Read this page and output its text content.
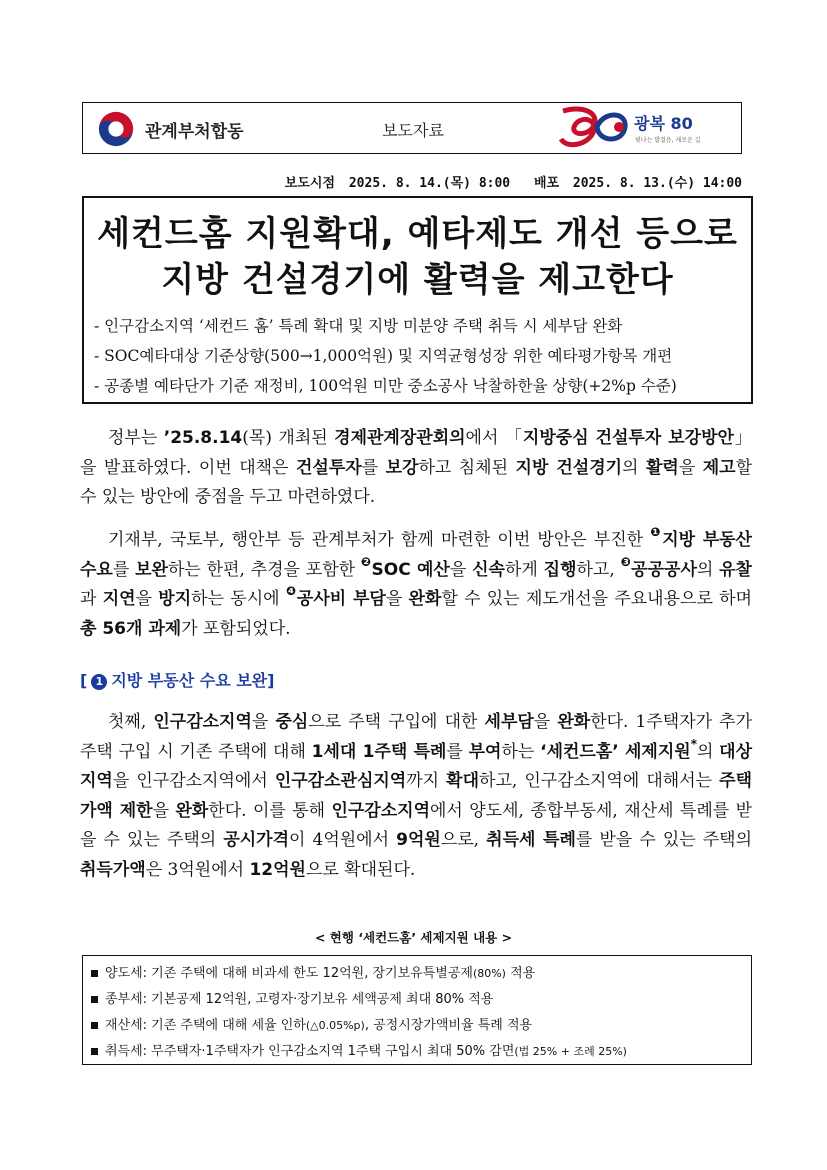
관계부처합동	보도자료	광복 80
빛나는 발걸음, 새로운 길
보도시점 2025. 8. 14.(목) 8:00 배포 2025. 8. 13.(수) 14:00
세컨드홈 지원확대, 예타제도 개선 등으로
지방 건설경기에 활력을 제고한다
- 인구감소지역 ‘세컨드 홈’ 특례 확대 및 지방 미분양 주택 취득 시 세부담 완화
- SOC예타대상 기준상향(500→1,000억원) 및 지역균형성장 위한 예타평가항목 개편
- 공종별 예타단가 기준 재정비, 100억원 미만 중소공사 낙찰하한율 상향(+2%p 수준)
정부는 ’25.8.14(목) 개최된 경제관계장관회의에서 「지방중심 건설투자 보강방안」을 발표하였다. 이번 대책은 건설투자를 보강하고 침체된 지방 건설경기의 활력을 제고할 수 있는 방안에 중점을 두고 마련하였다.
기재부, 국토부, 행안부 등 관계부처가 함께 마련한 이번 방안은 부진한 $^❶$지방 부동산 수요를 보완하는 한편, 추경을 포함한 $^❷$SOC 예산을 신속하게 집행하고, $^❸$공공공사의 유찰과 지연을 방지하는 동시에 $^❹$공사비 부담을 완화할 수 있는 제도개선을 주요내용으로 하며 총 56개 과제가 포함되었다.
[ 1 지방 부동산 수요 보완]
첫째, 인구감소지역을 중심으로 주택 구입에 대한 세부담을 완화한다. 1주택자가 추가 주택 구입 시 기존 주택에 대해 1세대 1주택 특례를 부여하는 ‘세컨드홈’ 세제지원*의 대상 지역을 인구감소지역에서 인구감소관심지역까지 확대하고, 인구감소지역에 대해서는 주택 가액 제한을 완화한다. 이를 통해 인구감소지역에서 양도세, 종합부동세, 재산세 특례를 받을 수 있는 주택의 공시가격이 4억원에서 9억원으로, 취득세 특례를 받을 수 있는 주택의 취득가액은 3억원에서 12억원으로 확대된다.
< 현행 ‘세컨드홈’ 세제지원 내용 >
양도세: 기존 주택에 대해 비과세 한도 12억원, 장기보유특별공제(80%) 적용
종부세: 기본공제 12억원, 고령자·장기보유 세액공제 최대 80% 적용
재산세: 기존 주택에 대해 세율 인하(△0.05%p), 공정시장가액비율 특례 적용
취득세: 무주택자·1주택자가 인구감소지역 1주택 구입시 최대 50% 감면(법 25% + 조례 25%)
